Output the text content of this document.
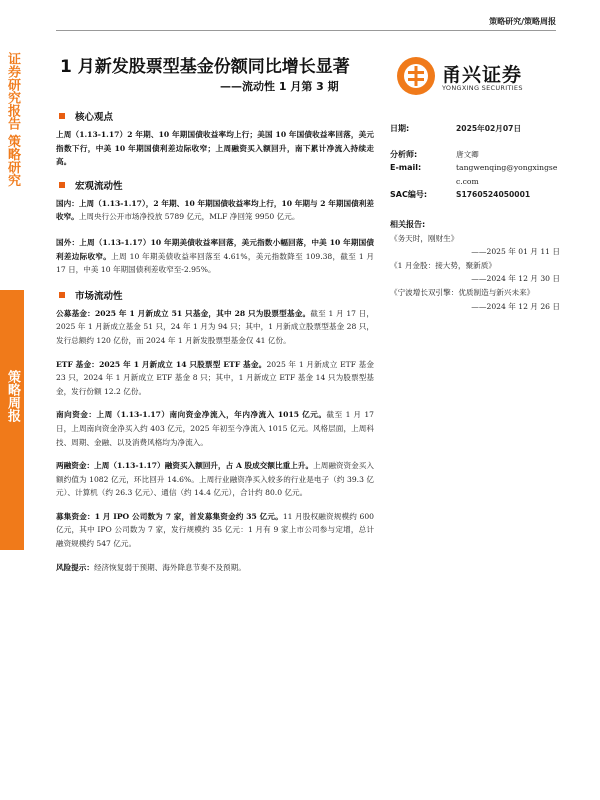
策略研究/策略周报
证券研究报告 策略研究
策略周报
1 月新发股票型基金份额同比增长显著
——流动性 1 月第 3 期
甬兴证券
YONGXING SECURITIES
核心观点

上周（1.13-1.17）2 年期、10 年期国债收益率均上行；美国 10 年国债收益率回落，美元指数下行，中美 10 年期国债利差边际收窄；上周融资买入额回升，南下累计净流入持续走高。

宏观流动性

国内：上周（1.13-1.17），2 年期、10 年期国债收益率均上行，10 年期与 2 年期国债利差收窄。上周央行公开市场净投放 5789 亿元，MLF 净回笼 9950 亿元。

国外：上周（1.13-1.17）10 年期美债收益率回落，美元指数小幅回落，中美 10 年期国债利差边际收窄。上周 10 年期美债收益率回落至 4.61%，美元指数降至 109.38，截至 1 月 17 日，中美 10 年期国债利差收窄至-2.95%。

市场流动性

公募基金：2025 年 1 月新成立 51 只基金，其中 28 只为股票型基金。截至 1 月 17 日，2025 年 1 月新成立基金 51 只，24 年 1 月为 94 只；其中，1 月新成立股票型基金 28 只，发行总额约 120 亿份，而 2024 年 1 月新发股票型基金仅 41 亿份。

ETF 基金：2025 年 1 月新成立 14 只股票型 ETF 基金。2025 年 1 月新成立 ETF 基金 23 只，2024 年 1 月新成立 ETF 基金 8 只；其中，1 月新成立 ETF 基金 14 只为股票型基金，发行份额 12.2 亿份。

南向资金：上周（1.13-1.17）南向资金净流入，年内净流入 1015 亿元。截至 1 月 17 日，上周南向资金净买入约 403 亿元，2025 年初至今净流入 1015 亿元。风格层面，上周科技、周期、金融、以及消费风格均为净流入。

两融资金：上周（1.13-1.17）融资买入额回升，占 A 股成交额比重上升。上周融资资金买入额约值为 1082 亿元，环比回升 14.6%。上周行业融资净买入较多的行业是电子（约 39.3 亿元）、计算机（约 26.3 亿元）、通信（约 14.4 亿元），合计约 80.0 亿元。

募集资金：1 月 IPO 公司数为 7 家，首发募集资金约 35 亿元。11 月股权融资规模约 600 亿元，其中 IPO 公司数为 7 家，发行规模约 35 亿元：1 月有 9 家上市公司参与定增，总计融资规模约 547 亿元。

风险提示：经济恢复弱于预期、海外降息节奏不及预期。

日期:	2025年02月07日
分析师:	唐文卿
E-mail:	tangwenqing@yongxingsec.com
SAC编号:	S1760524050001
相关报告:
《务天时，刚财生》
——2025 年 01 月 11 日
《1 月金股：接大势，聚新质》
——2024 年 12 月 30 日
《宁波增长双引擎：优质制造与新兴未来》
——2024 年 12 月 26 日
